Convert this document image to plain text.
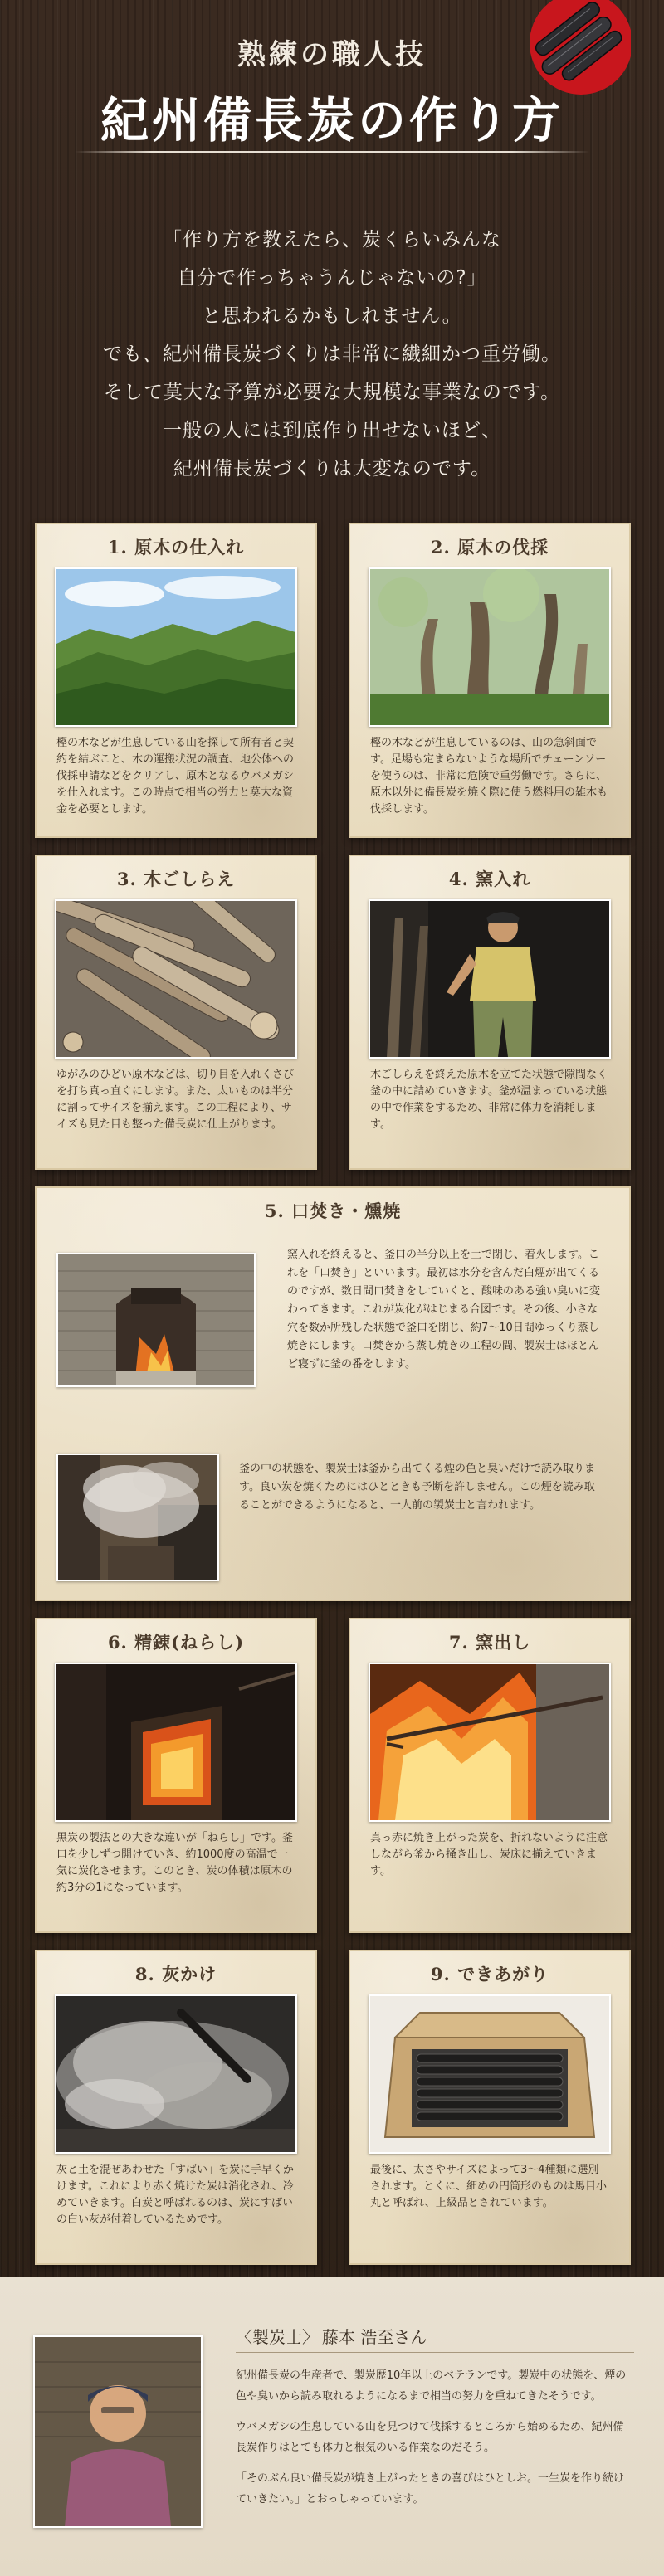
熟練の職人技
紀州備長炭の作り方

「作り方を教えたら、炭くらいみんな

自分で作っちゃうんじゃないの?」

と思われるかもしれません。

でも、紀州備長炭づくりは非常に繊細かつ重労働。

そして莫大な予算が必要な大規模な事業なのです。

一般の人には到底作り出せないほど、

紀州備長炭づくりは大変なのです。

1. 原木の仕入れ
樫の木などが生息している山を探して所有者と契約を結ぶこと、木の運搬状況の調査、地公体への伐採申請などをクリアし、原木となるウバメガシを仕入れます。この時点で相当の労力と莫大な資金を必要とします。
2. 原木の伐採
樫の木などが生息しているのは、山の急斜面です。足場も定まらないような場所でチェーンソーを使うのは、非常に危険で重労働です。さらに、原木以外に備長炭を焼く際に使う燃料用の雑木も伐採します。
3. 木ごしらえ
ゆがみのひどい原木などは、切り目を入れくさびを打ち真っ直ぐにします。また、太いものは半分に割ってサイズを揃えます。この工程により、サイズも見た目も整った備長炭に仕上がります。
4. 窯入れ
木ごしらえを終えた原木を立てた状態で隙間なく釜の中に詰めていきます。釜が温まっている状態の中で作業をするため、非常に体力を消耗します。
5. 口焚き・燻焼
窯入れを終えると、釜口の半分以上を土で閉じ、着火します。これを「口焚き」といいます。最初は水分を含んだ白煙が出てくるのですが、数日間口焚きをしていくと、酸味のある強い臭いに変わってきます。これが炭化がはじまる合図です。その後、小さな穴を数か所残した状態で釜口を閉じ、約7〜10日間ゆっくり蒸し焼きにします。口焚きから蒸し焼きの工程の間、製炭士はほとんど寝ずに釜の番をします。
釜の中の状態を、製炭士は釜から出てくる煙の色と臭いだけで読み取ります。良い炭を焼くためにはひとときも予断を許しません。この煙を読み取ることができるようになると、一人前の製炭士と言われます。
6. 精錬(ねらし)
黒炭の製法との大きな違いが「ねらし」です。釜口を少しずつ開けていき、約1000度の高温で一気に炭化させます。このとき、炭の体積は原木の約3分の1になっています。
7. 窯出し
真っ赤に焼き上がった炭を、折れないように注意しながら釜から掻き出し、炭床に揃えていきます。
8. 灰かけ
灰と土を混ぜあわせた「すばい」を炭に手早くかけます。これにより赤く焼けた炭は消化され、冷めていきます。白炭と呼ばれるのは、炭にすばいの白い灰が付着しているためです。
9. できあがり
最後に、太さやサイズによって3〜4種類に選別されます。とくに、細めの円筒形のものは馬目小丸と呼ばれ、上級品とされています。
〈製炭士〉 藤本 浩至さん

紀州備長炭の生産者で、製炭歴10年以上のベテランです。製炭中の状態を、煙の色や臭いから読み取れるようになるまで相当の努力を重ねてきたそうです。

ウバメガシの生息している山を見つけて伐採するところから始めるため、紀州備長炭作りはとても体力と根気のいる作業なのだそう。

「そのぶん良い備長炭が焼き上がったときの喜びはひとしお。一生炭を作り続けていきたい。」とおっしゃっています。
